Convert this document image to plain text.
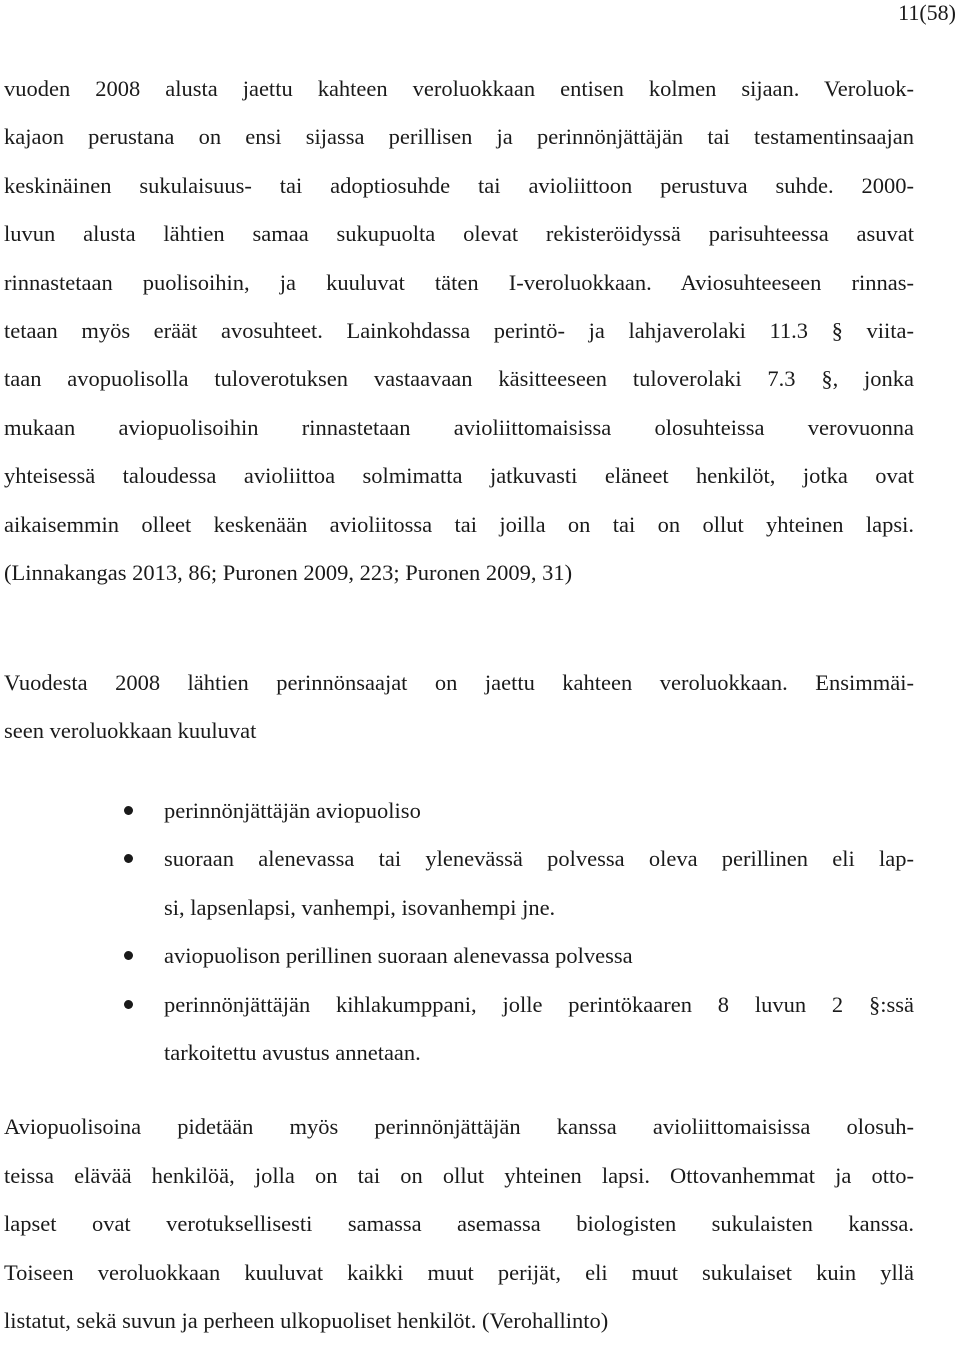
11(58)
vuoden 2008 alusta jaettu kahteen veroluokkaan entisen kolmen sijaan. Veroluok-
kajaon perustana on ensi sijassa perillisen ja perinnönjättäjän tai testamentinsaajan
keskinäinen sukulaisuus- tai adoptiosuhde tai avioliittoon perustuva suhde. 2000-
luvun alusta lähtien samaa sukupuolta olevat rekisteröidyssä parisuhteessa asuvat
rinnastetaan puolisoihin, ja kuuluvat täten I-veroluokkaan. Aviosuhteeseen rinnas-
tetaan myös eräät avosuhteet. Lainkohdassa perintö- ja lahjaverolaki 11.3 § viita-
taan avopuolisolla tuloverotuksen vastaavaan käsitteeseen tuloverolaki 7.3 §, jonka
mukaan aviopuolisoihin rinnastetaan avioliittomaisissa olosuhteissa verovuonna
yhteisessä taloudessa avioliittoa solmimatta jatkuvasti eläneet henkilöt, jotka ovat
aikaisemmin olleet keskenään avioliitossa tai joilla on tai on ollut yhteinen lapsi.
(Linnakangas 2013, 86; Puronen 2009, 223; Puronen 2009, 31)
Vuodesta 2008 lähtien perinnönsaajat on jaettu kahteen veroluokkaan. Ensimmäi-
seen veroluokkaan kuuluvat
perinnönjättäjän aviopuoliso
suoraan alenevassa tai ylenevässä polvessa oleva perillinen eli lap-
si, lapsenlapsi, vanhempi, isovanhempi jne.
aviopuolison perillinen suoraan alenevassa polvessa
perinnönjättäjän kihlakumppani, jolle perintökaaren 8 luvun 2 §:ssä
tarkoitettu avustus annetaan.
Aviopuolisoina pidetään myös perinnönjättäjän kanssa avioliittomaisissa olosuh-
teissa elävää henkilöä, jolla on tai on ollut yhteinen lapsi. Ottovanhemmat ja otto-
lapset ovat verotuksellisesti samassa asemassa biologisten sukulaisten kanssa.
Toiseen veroluokkaan kuuluvat kaikki muut perijät, eli muut sukulaiset kuin yllä
listatut, sekä suvun ja perheen ulkopuoliset henkilöt. (Verohallinto)
